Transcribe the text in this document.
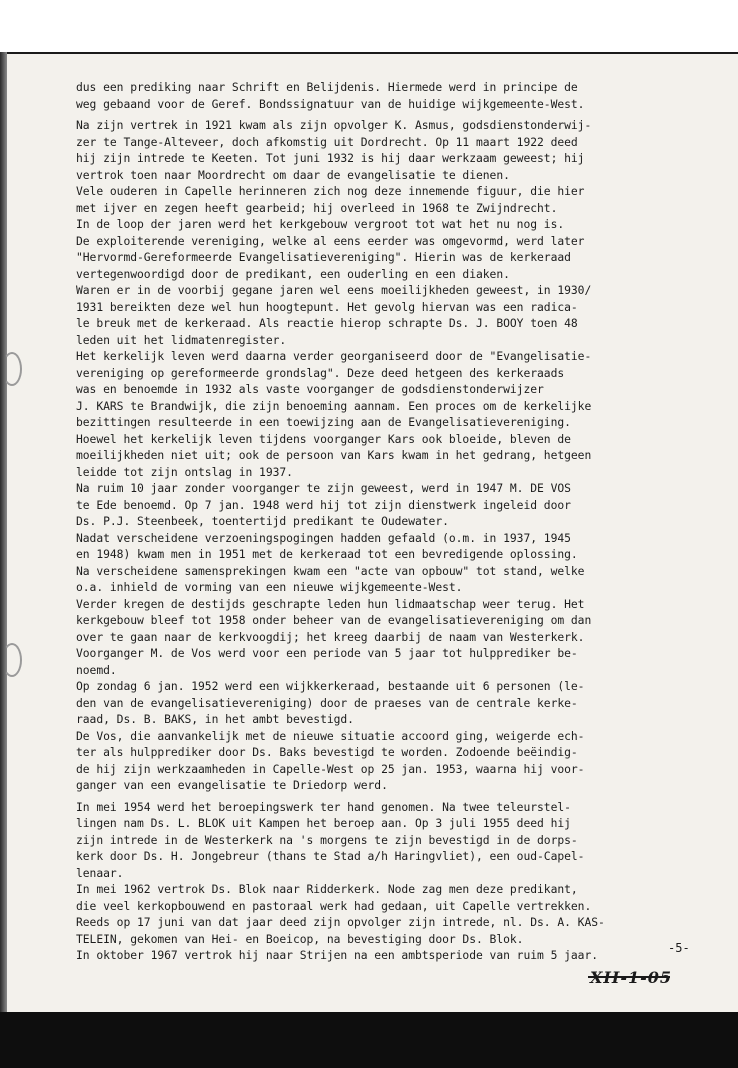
dus een prediking naar Schrift en Belijdenis. Hiermede werd in principe de
weg gebaand voor de Geref. Bondssignatuur van de huidige wijkgemeente-West.
Na zijn vertrek in 1921 kwam als zijn opvolger K. Asmus, godsdienstonderwij-
zer te Tange-Alteveer, doch afkomstig uit Dordrecht. Op 11 maart 1922 deed
hij zijn intrede te Keeten. Tot juni 1932 is hij daar werkzaam geweest; hij
vertrok toen naar Moordrecht om daar de evangelisatie te dienen.
Vele ouderen in Capelle herinneren zich nog deze innemende figuur, die hier
met ijver en zegen heeft gearbeid; hij overleed in 1968 te Zwijndrecht.
In de loop der jaren werd het kerkgebouw vergroot tot wat het nu nog is.
De exploiterende vereniging, welke al eens eerder was omgevormd, werd later
"Hervormd-Gereformeerde Evangelisatievereniging". Hierin was de kerkeraad
vertegenwoordigd door de predikant, een ouderling en een diaken.
Waren er in de voorbij gegane jaren wel eens moeilijkheden geweest, in 1930/
1931 bereikten deze wel hun hoogtepunt. Het gevolg hiervan was een radica-
le breuk met de kerkeraad. Als reactie hierop schrapte Ds. J. BOOY toen 48
leden uit het lidmatenregister.
Het kerkelijk leven werd daarna verder georganiseerd door de "Evangelisatie-
vereniging op gereformeerde grondslag". Deze deed hetgeen des kerkeraads
was en benoemde in 1932 als vaste voorganger de godsdienstonderwijzer
J. KARS te Brandwijk, die zijn benoeming aannam. Een proces om de kerkelijke
bezittingen resulteerde in een toewijzing aan de Evangelisatievereniging.
Hoewel het kerkelijk leven tijdens voorganger Kars ook bloeide, bleven de
moeilijkheden niet uit; ook de persoon van Kars kwam in het gedrang, hetgeen
leidde tot zijn ontslag in 1937.
Na ruim 10 jaar zonder voorganger te zijn geweest, werd in 1947 M. DE VOS
te Ede benoemd. Op 7 jan. 1948 werd hij tot zijn dienstwerk ingeleid door
Ds. P.J. Steenbeek, toentertijd predikant te Oudewater.
Nadat verscheidene verzoeningspogingen hadden gefaald (o.m. in 1937, 1945
en 1948) kwam men in 1951 met de kerkeraad tot een bevredigende oplossing.
Na verscheidene samensprekingen kwam een "acte van opbouw" tot stand, welke
o.a. inhield de vorming van een nieuwe wijkgemeente-West.
Verder kregen de destijds geschrapte leden hun lidmaatschap weer terug. Het
kerkgebouw bleef tot 1958 onder beheer van de evangelisatievereniging om dan
over te gaan naar de kerkvoogdij; het kreeg daarbij de naam van Westerkerk.
Voorganger M. de Vos werd voor een periode van 5 jaar tot hulpprediker be-
noemd.
Op zondag 6 jan. 1952 werd een wijkkerkeraad, bestaande uit 6 personen (le-
den van de evangelisatievereniging) door de praeses van de centrale kerke-
raad, Ds. B. BAKS, in het ambt bevestigd.
De Vos, die aanvankelijk met de nieuwe situatie accoord ging, weigerde ech-
ter als hulpprediker door Ds. Baks bevestigd te worden. Zodoende beëindig-
de hij zijn werkzaamheden in Capelle-West op 25 jan. 1953, waarna hij voor-
ganger van een evangelisatie te Driedorp werd.
In mei 1954 werd het beroepingswerk ter hand genomen. Na twee teleurstel-
lingen nam Ds. L. BLOK uit Kampen het beroep aan. Op 3 juli 1955 deed hij
zijn intrede in de Westerkerk na 's morgens te zijn bevestigd in de dorps-
kerk door Ds. H. Jongebreur (thans te Stad a/h Haringvliet), een oud-Capel-
lenaar.
In mei 1962 vertrok Ds. Blok naar Ridderkerk. Node zag men deze predikant,
die veel kerkopbouwend en pastoraal werk had gedaan, uit Capelle vertrekken.
Reeds op 17 juni van dat jaar deed zijn opvolger zijn intrede, nl. Ds. A. KAS-
TELEIN, gekomen van Hei- en Boeicop, na bevestiging door Ds. Blok.
In oktober 1967 vertrok hij naar Strijen na een ambtsperiode van ruim 5 jaar.	-5-
XII-1-05
